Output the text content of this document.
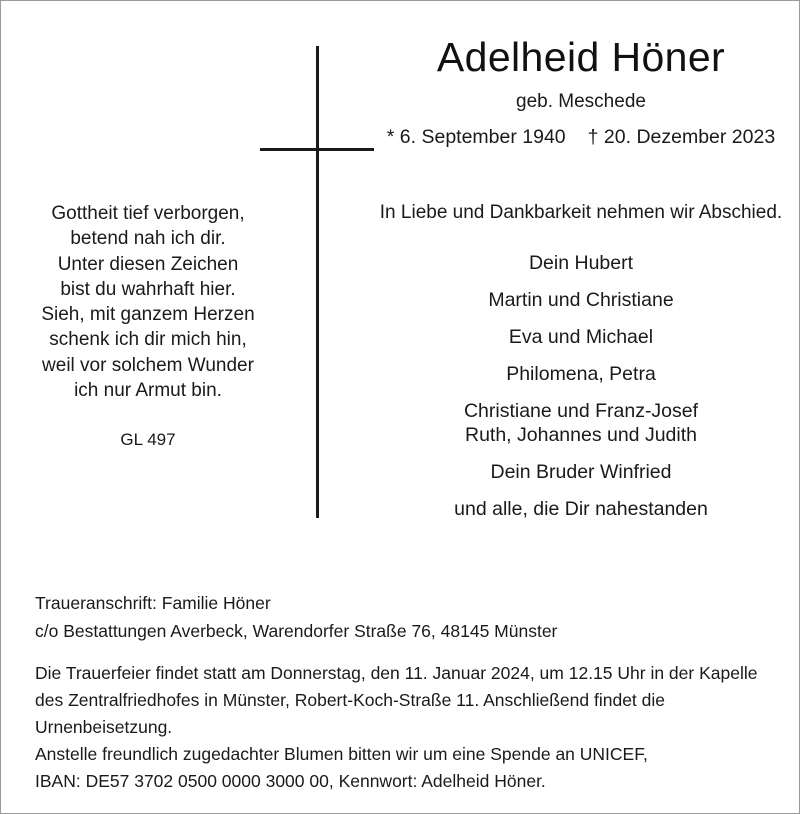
Adelheid Höner
geb. Meschede
* 6. September 1940 † 20. Dezember 2023
Gottheit tief verborgen,
betend nah ich dir.
Unter diesen Zeichen
bist du wahrhaft hier.
Sieh, mit ganzem Herzen
schenk ich dir mich hin,
weil vor solchem Wunder
ich nur Armut bin.
GL 497
In Liebe und Dankbarkeit nehmen wir Abschied.
Dein Hubert
Martin und Christiane
Eva und Michael
Philomena, Petra
Christiane und Franz-Josef
Ruth, Johannes und Judith
Dein Bruder Winfried
und alle, die Dir nahestanden
Traueranschrift: Familie Höner
c/o Bestattungen Averbeck, Warendorfer Straße 76, 48145 Münster
Die Trauerfeier findet statt am Donnerstag, den 11. Januar 2024, um 12.15 Uhr in der Kapelle des Zentralfriedhofes in Münster, Robert-Koch-Straße 11. Anschließend findet die Urnenbeisetzung.
Anstelle freundlich zugedachter Blumen bitten wir um eine Spende an UNICEF,
IBAN: DE57 3702 0500 0000 3000 00, Kennwort: Adelheid Höner.
